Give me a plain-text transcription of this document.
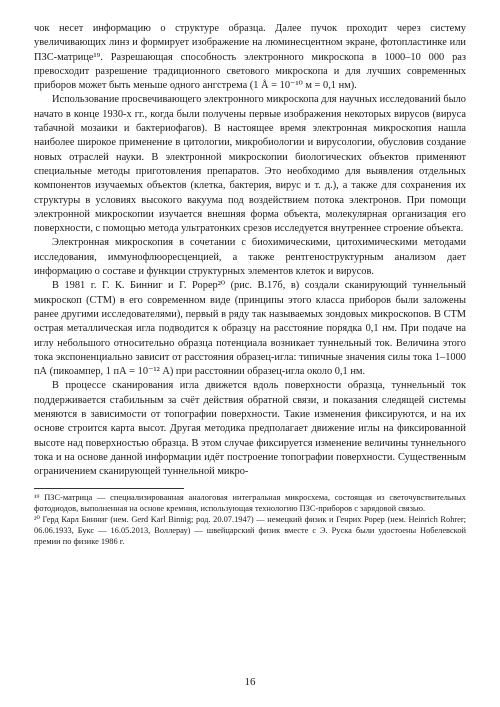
чок несет информацию о структуре образца. Далее пучок проходит через систему увеличивающих линз и формирует изображение на люминесцентном экране, фотопластинке или ПЗС-матрице¹⁹. Разрешающая способность электронного микроскопа в 1000–10 000 раз превосходит разрешение традиционного светового микроскопа и для лучших современных приборов может быть меньше одного ангстрема (1 Å = 10⁻¹⁰ м = 0,1 нм).

Использование просвечивающего электронного микроскопа для научных исследований было начато в конце 1930-х гг., когда были получены первые изображения некоторых вирусов (вируса табачной мозаики и бактериофагов). В настоящее время электронная микроскопия нашла наиболее широкое применение в цитологии, микробиологии и вирусологии, обусловив создание новых отраслей науки. В электронной микроскопии биологических объектов применяют специальные методы приготовления препаратов. Это необходимо для выявления отдельных компонентов изучаемых объектов (клетка, бактерия, вирус и т. д.), а также для сохранения их структуры в условиях высокого вакуума под воздействием потока электронов. При помощи электронной микроскопии изучается внешняя форма объекта, молекулярная организация его поверхности, с помощью метода ультратонких срезов исследуется внутреннее строение объекта.

Электронная микроскопия в сочетании с биохимическими, цитохимическими методами исследования, иммунофлюоресценцией, а также рентгеноструктурным анализом дает информацию о составе и функции структурных элементов клеток и вирусов.

В 1981 г. Г. К. Бинниг и Г. Рорер²⁰ (рис. В.17б, в) создали сканирующий туннельный микроскоп (СТМ) в его современном виде (принципы этого класса приборов были заложены ранее другими исследователями), первый в ряду так называемых зондовых микроскопов. В СТМ острая металлическая игла подводится к образцу на расстояние порядка 0,1 нм. При подаче на иглу небольшого относительно образца потенциала возникает туннельный ток. Величина этого тока экспоненциально зависит от расстояния образец-игла: типичные значения силы тока 1–1000 пА (пикоампер, 1 пА = 10⁻¹² А) при расстоянии образец-игла около 0,1 нм.

В процессе сканирования игла движется вдоль поверхности образца, туннельный ток поддерживается стабильным за счёт действия обратной связи, и показания следящей системы меняются в зависимости от топографии поверхности. Такие изменения фиксируются, и на их основе строится карта высот. Другая методика предполагает движение иглы на фиксированной высоте над поверхностью образца. В этом случае фиксируется изменение величины туннельного тока и на основе данной информации идёт построение топографии поверхности. Существенным ограничением сканирующей туннельной микро-

¹⁹ ПЗС-матрица — специализированная аналоговая интегральная микросхема, состоящая из светочувствительных фотодиодов, выполненная на основе кремния, использующая технологию ПЗС-приборов с зарядовой связью.

²⁰ Герд Карл Бинниг (нем. Gerd Karl Binnig; род. 20.07.1947) — немецкий физик и Генрих Рорер (нем. Heinrich Rohrer; 06.06.1933, Букс — 16.05.2013, Воллерау) — швейцарский физик вместе с Э. Руска были удостоены Нобелевской премии по физике 1986 г.

16
